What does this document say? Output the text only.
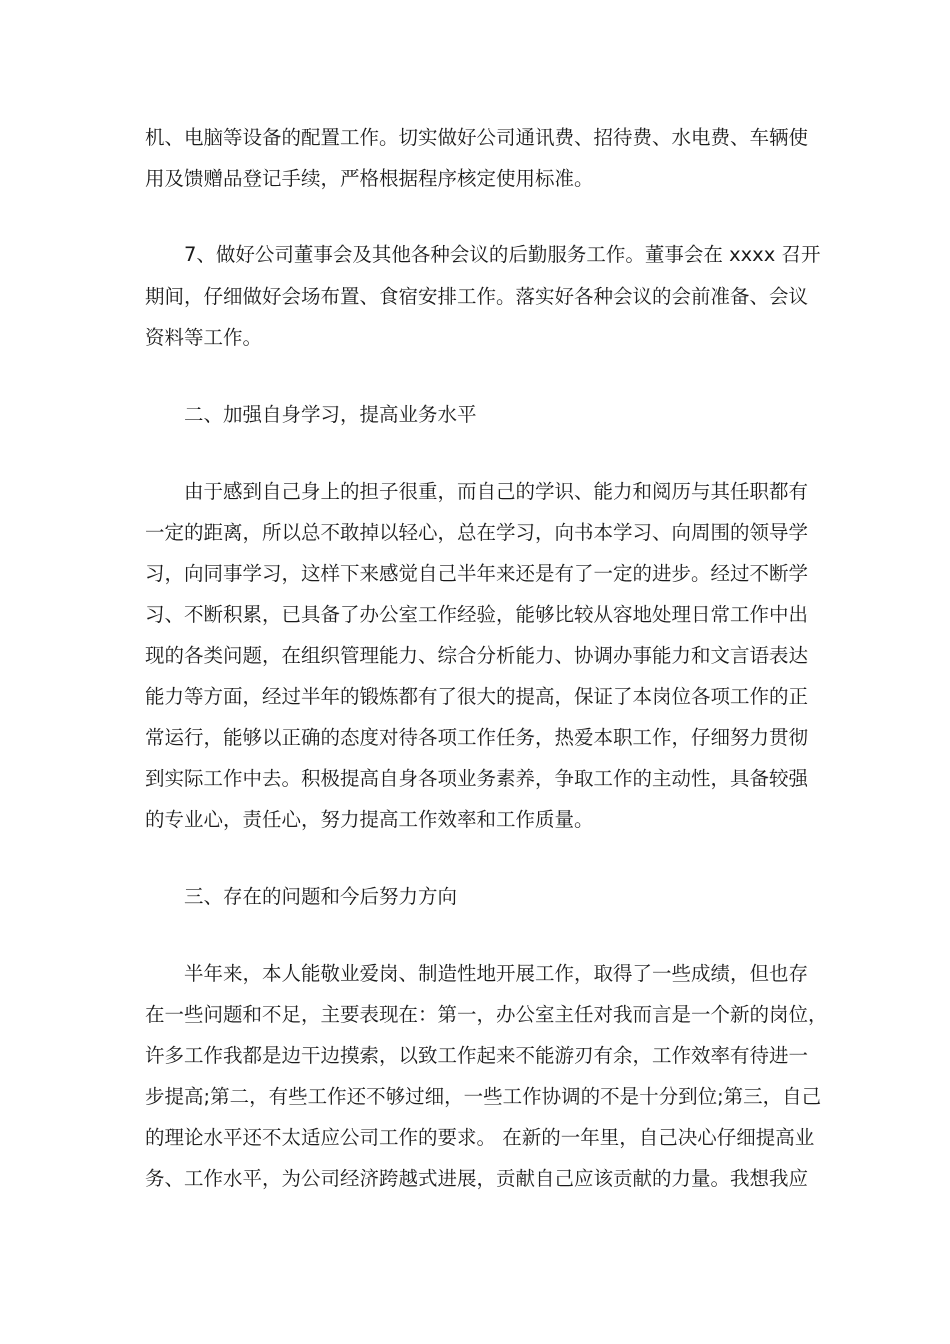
机、电脑等设备的配置工作。切实做好公司通讯费、招待费、水电费、车辆使

用及馈赠品登记手续，严格根据程序核定使用标准。

7、做好公司董事会及其他各种会议的后勤服务工作。董事会在 xxxx 召开

期间，仔细做好会场布置、食宿安排工作。落实好各种会议的会前准备、会议

资料等工作。

二、加强自身学习，提高业务水平

由于感到自己身上的担子很重，而自己的学识、能力和阅历与其任职都有

一定的距离，所以总不敢掉以轻心，总在学习，向书本学习、向周围的领导学

习，向同事学习，这样下来感觉自己半年来还是有了一定的进步。经过不断学

习、不断积累，已具备了办公室工作经验，能够比较从容地处理日常工作中出

现的各类问题，在组织管理能力、综合分析能力、协调办事能力和文言语表达

能力等方面，经过半年的锻炼都有了很大的提高，保证了本岗位各项工作的正

常运行，能够以正确的态度对待各项工作任务，热爱本职工作，仔细努力贯彻

到实际工作中去。积极提高自身各项业务素养，争取工作的主动性，具备较强

的专业心，责任心，努力提高工作效率和工作质量。

三、存在的问题和今后努力方向

半年来，本人能敬业爱岗、制造性地开展工作，取得了一些成绩，但也存

在一些问题和不足，主要表现在：第一，办公室主任对我而言是一个新的岗位，

许多工作我都是边干边摸索，以致工作起来不能游刃有余，工作效率有待进一

步提高;第二，有些工作还不够过细，一些工作协调的不是十分到位;第三，自己

的理论水平还不太适应公司工作的要求。 在新的一年里，自己决心仔细提高业

务、工作水平，为公司经济跨越式进展，贡献自己应该贡献的力量。我想我应
